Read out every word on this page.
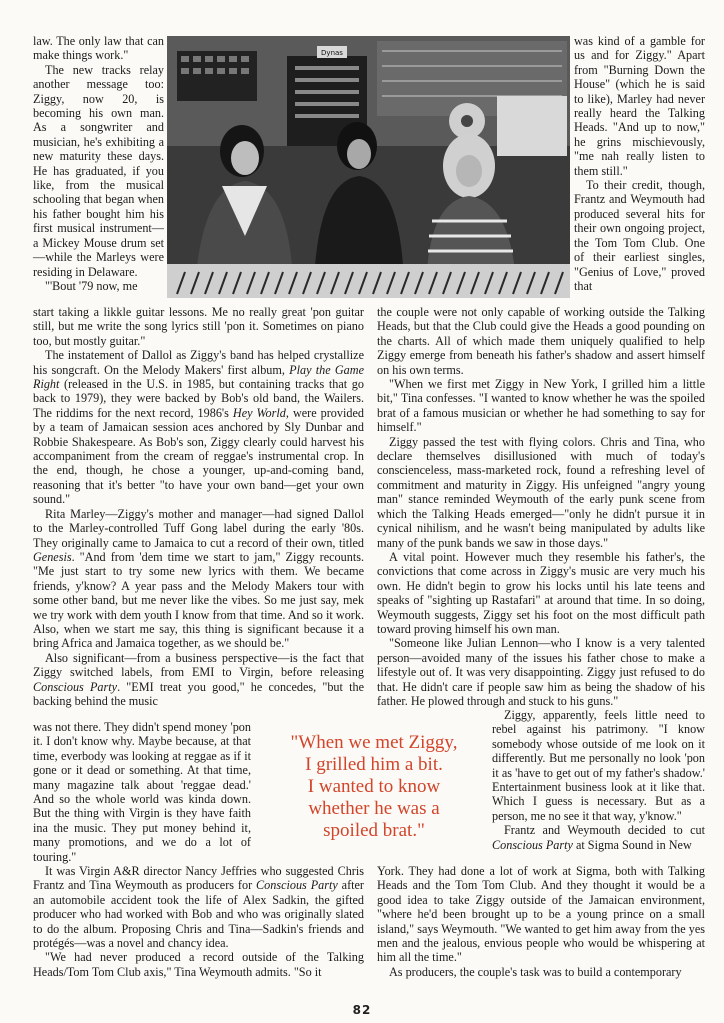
law. The only law that can make things work."

The new tracks relay another message too: Ziggy, now 20, is becoming his own man. As a songwriter and musician, he's exhibiting a new maturity these days. He has graduated, if you like, from the musical schooling that began when his father bought him his first musical instrument—a Mickey Mouse drum set—while the Marleys were residing in Delaware.

"'Bout '79 now, me

Dynas

was kind of a gamble for us and for Ziggy." Apart from "Burning Down the House" (which he is said to like), Marley had never really heard the Talking Heads. "And up to now," he grins mischievously, "me nah really listen to them still."

To their credit, though, Frantz and Weymouth had produced several hits for their own ongoing project, the Tom Tom Club. One of their earliest singles, "Genius of Love," proved that

start taking a likkle guitar lessons. Me no really great 'pon guitar still, but me write the song lyrics still 'pon it. Sometimes on piano too, but mostly guitar."

The instatement of Dallol as Ziggy's band has helped crystallize his songcraft. On the Melody Makers' first album, Play the Game Right (released in the U.S. in 1985, but containing tracks that go back to 1979), they were backed by Bob's old band, the Wailers. The riddims for the next record, 1986's Hey World, were provided by a team of Jamaican session aces anchored by Sly Dunbar and Robbie Shakespeare. As Bob's son, Ziggy clearly could harvest his accompaniment from the cream of reggae's instrumental crop. In the end, though, he chose a younger, up-and-coming band, reasoning that it's better "to have your own band—get your own sound."

Rita Marley—Ziggy's mother and manager—had signed Dallol to the Marley-controlled Tuff Gong label during the early '80s. They originally came to Jamaica to cut a record of their own, titled Genesis. "And from 'dem time we start to jam," Ziggy recounts. "Me just start to try some new lyrics with them. We became friends, y'know? A year pass and the Melody Makers tour with some other band, but me never like the vibes. So me just say, mek we try work with dem youth I know from that time. And so it work. Also, when we start me say, this thing is significant because it a bring Africa and Jamaica together, as we should be."

Also significant—from a business perspective—is the fact that Ziggy switched labels, from EMI to Virgin, before releasing Conscious Party. "EMI treat you good," he concedes, "but the backing behind the music

was not there. They didn't spend money 'pon it. I don't know why. Maybe because, at that time, everbody was looking at reggae as if it gone or it dead or something. At that time, many magazine talk about 'reggae dead.' And so the whole world was kinda down. But the thing with Virgin is they have faith ina the music. They put money behind it, many promotions, and we do a lot of touring."

"When we met Ziggy,
I grilled him a bit.
I wanted to know
whether he was a
spoiled brat."

It was Virgin A&R director Nancy Jeffries who suggested Chris Frantz and Tina Weymouth as producers for Conscious Party after an automobile accident took the life of Alex Sadkin, the gifted producer who had worked with Bob and who was originally slated to do the album. Proposing Chris and Tina—Sadkin's friends and protégés—was a novel and chancy idea.

"We had never produced a record outside of the Talking Heads/Tom Tom Club axis," Tina Weymouth admits. "So it

the couple were not only capable of working outside the Talking Heads, but that the Club could give the Heads a good pounding on the charts. All of which made them uniquely qualified to help Ziggy emerge from beneath his father's shadow and assert himself on his own terms.

"When we first met Ziggy in New York, I grilled him a little bit," Tina confesses. "I wanted to know whether he was the spoiled brat of a famous musician or whether he had something to say for himself."

Ziggy passed the test with flying colors. Chris and Tina, who declare themselves disillusioned with much of today's conscienceless, mass-marketed rock, found a refreshing level of commitment and maturity in Ziggy. His unfeigned "angry young man" stance reminded Weymouth of the early punk scene from which the Talking Heads emerged—"only he didn't pursue it in cynical nihilism, and he wasn't being manipulated by adults like many of the punk bands we saw in those days."

A vital point. However much they resemble his father's, the convictions that come across in Ziggy's music are very much his own. He didn't begin to grow his locks until his late teens and speaks of "sighting up Rastafari" at around that time. In so doing, Weymouth suggests, Ziggy set his foot on the most difficult path toward proving himself his own man.

"Someone like Julian Lennon—who I know is a very talented person—avoided many of the issues his father chose to make a lifestyle out of. It was very disappointing. Ziggy just refused to do that. He didn't care if people saw him as being the shadow of his father. He plowed through and stuck to his guns."

Ziggy, apparently, feels little need to rebel against his patrimony. "I know somebody whose outside of me look on it differently. But me personally no look 'pon it as 'have to get out of my father's shadow.' Entertainment business look at it like that. Which I guess is necessary. But as a person, me no see it that way, y'know."

Frantz and Weymouth decided to cut Conscious Party at Sigma Sound in New

York. They had done a lot of work at Sigma, both with Talking Heads and the Tom Tom Club. And they thought it would be a good idea to take Ziggy outside of the Jamaican environment, "where he'd been brought up to be a young prince on a small island," says Weymouth. "We wanted to get him away from the yes men and the jealous, envious people who would be whispering at him all the time."

As producers, the couple's task was to build a contemporary

82
